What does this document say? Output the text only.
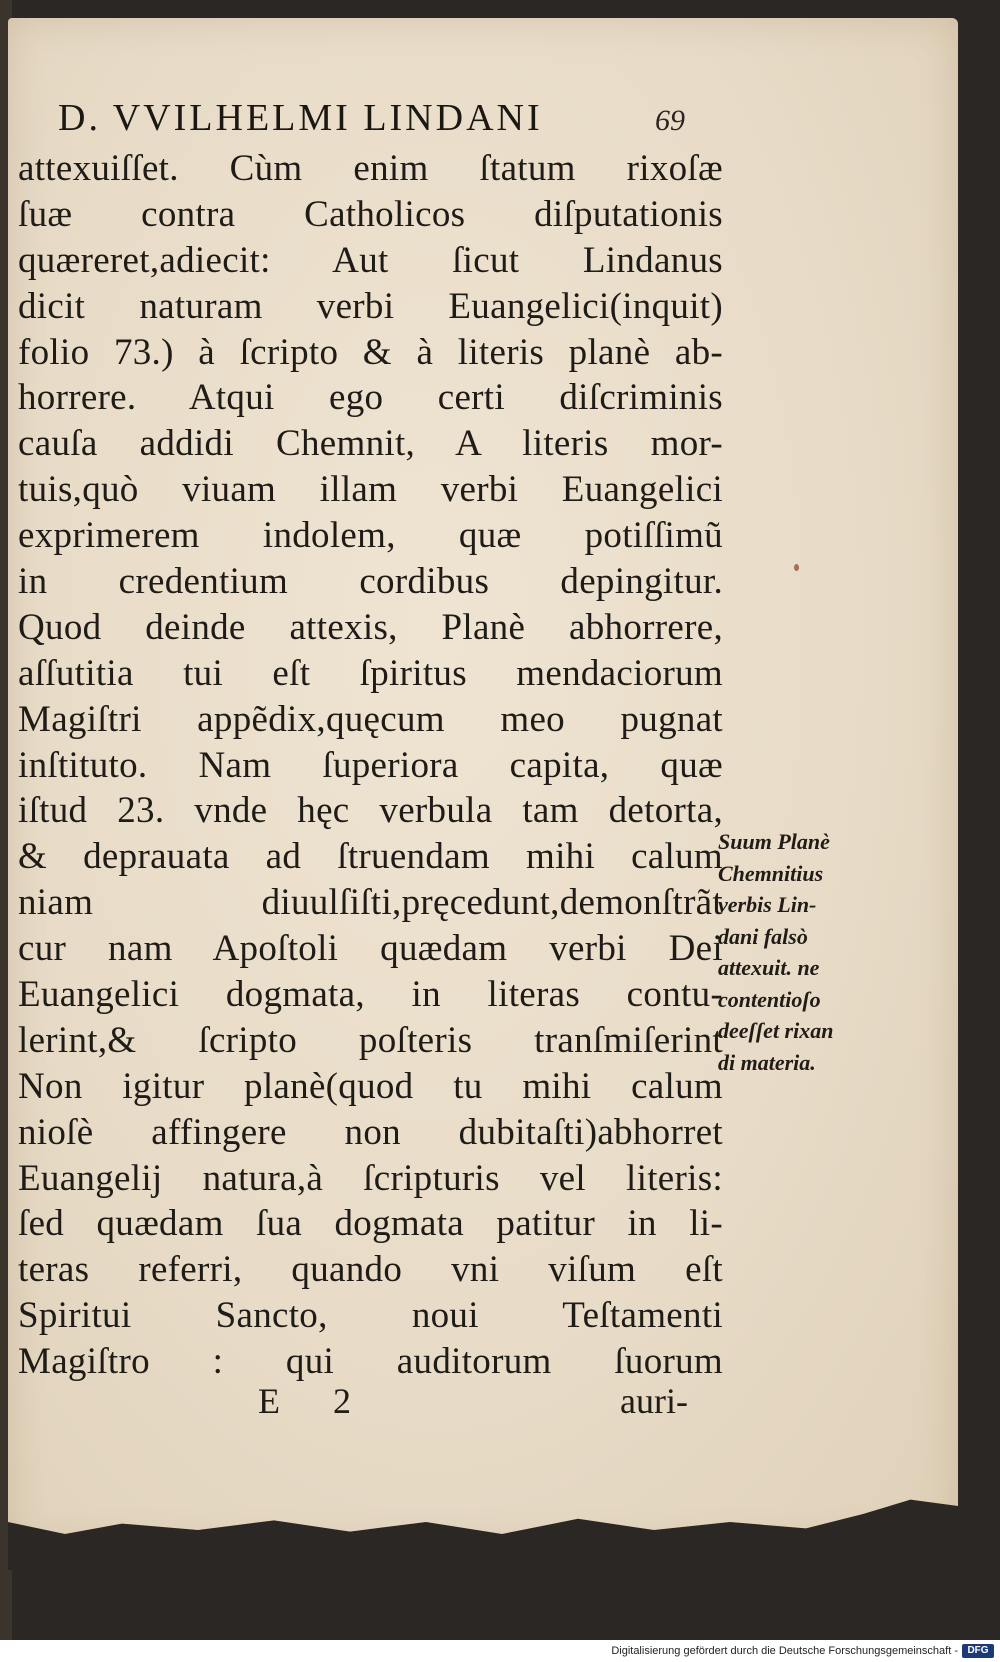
D. VVILHELMI LINDANI	69
attexuiſſet. Cùm enim ſtatum rixoſæ
ſuæ contra Catholicos diſputationis
quæreret,adiecit: Aut ſicut Lindanus
dicit naturam verbi Euangelici(inquit)
folio 73.) à ſcripto & à literis planè ab-
horrere. Atqui ego certi diſcriminis
cauſa addidi Chemnit, A literis mor-
tuis,quò viuam illam verbi Euangelici
exprimerem indolem, quæ potiſſimũ
in credentium cordibus depingitur.
Quod deinde attexis, Planè abhorrere,
aſſutitia tui eſt ſpiritus mendaciorum
Magiſtri appẽdix,quęcum meo pugnat
inſtituto. Nam ſuperiora capita, quæ
iſtud 23. vnde hęc verbula tam detorta,
& deprauata ad ſtruendam mihi calum
niam diuulſiſti,pręcedunt,demonſtrãt
cur nam Apoſtoli quædam verbi Dei
Euangelici dogmata, in literas contu-
lerint,& ſcripto poſteris tranſmiſerint
Non igitur planè(quod tu mihi calum
nioſè affingere non dubitaſti)abhorret
Euangelij natura,à ſcripturis vel literis:
ſed quædam ſua dogmata patitur in li-
teras referri, quando vni viſum eſt
Spiritui Sancto, noui Teſtamenti
Magiſtro : qui auditorum ſuorum
Suum Planè
Chemnitius
verbis Lin-
dani falsò
attexuit. ne
contentioſo
deeſſet rixan
di materia.
E 2	auri-
Digitalisierung gefördert durch die Deutsche Forschungsgemeinschaft - DFG
